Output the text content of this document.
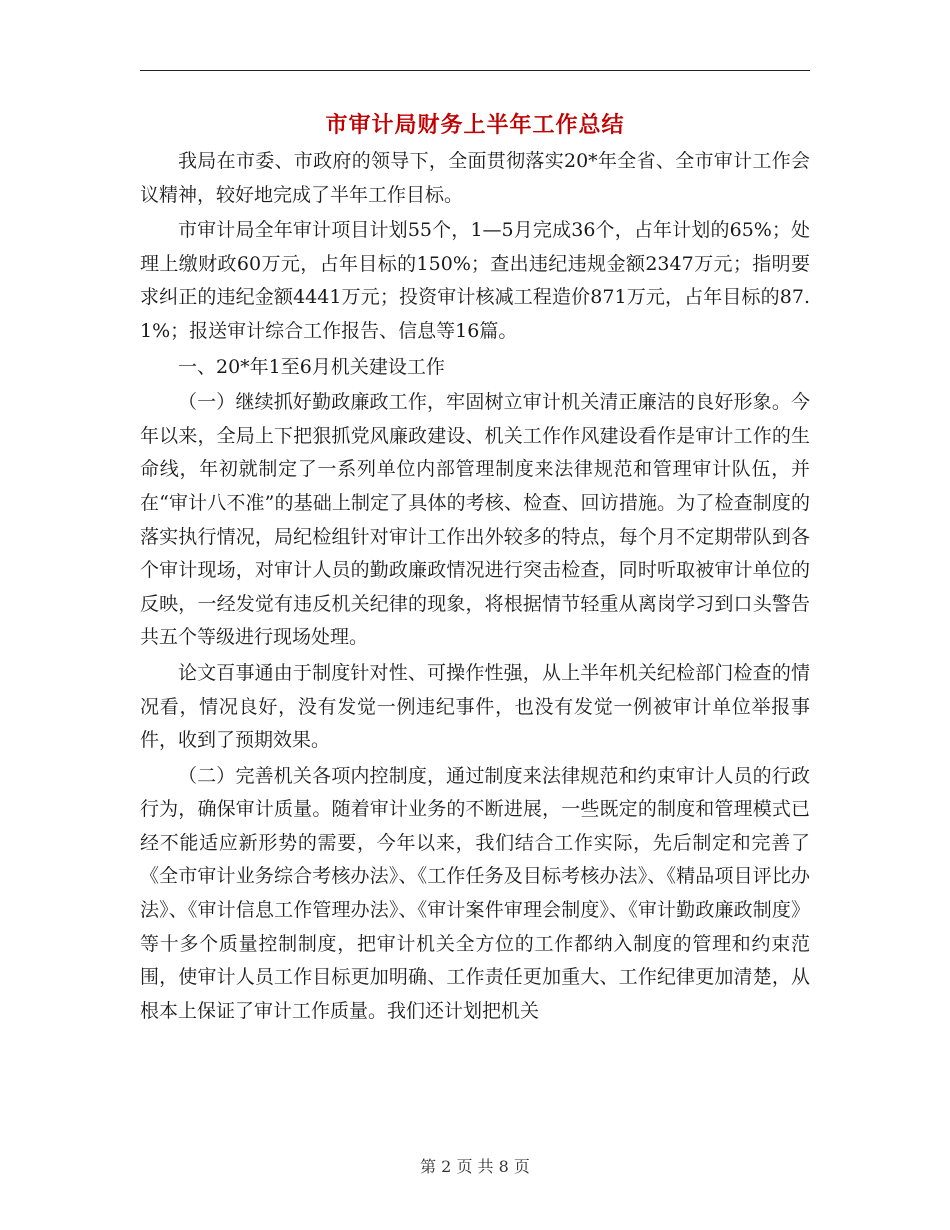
市审计局财务上半年工作总结

我局在市委、市政府的领导下，全面贯彻落实20*年全省、全市审计工作会议精神，较好地完成了半年工作目标。

市审计局全年审计项目计划55个，1—5月完成36个，占年计划的65%；处理上缴财政60万元，占年目标的150%；查出违纪违规金额2347万元；指明要求纠正的违纪金额4441万元；投资审计核减工程造价871万元，占年目标的87.1%；报送审计综合工作报告、信息等16篇。

一、20*年1至6月机关建设工作

（一）继续抓好勤政廉政工作，牢固树立审计机关清正廉洁的良好形象。今年以来，全局上下把狠抓党风廉政建设、机关工作作风建设看作是审计工作的生命线，年初就制定了一系列单位内部管理制度来法律规范和管理审计队伍，并在“审计八不准”的基础上制定了具体的考核、检查、回访措施。为了检查制度的落实执行情况，局纪检组针对审计工作出外较多的特点，每个月不定期带队到各个审计现场，对审计人员的勤政廉政情况进行突击检查，同时听取被审计单位的反映，一经发觉有违反机关纪律的现象，将根据情节轻重从离岗学习到口头警告共五个等级进行现场处理。

论文百事通由于制度针对性、可操作性强，从上半年机关纪检部门检查的情况看，情况良好，没有发觉一例违纪事件，也没有发觉一例被审计单位举报事件，收到了预期效果。

（二）完善机关各项内控制度，通过制度来法律规范和约束审计人员的行政行为，确保审计质量。随着审计业务的不断进展，一些既定的制度和管理模式已经不能适应新形势的需要，今年以来，我们结合工作实际，先后制定和完善了《全市审计业务综合考核办法》、《工作任务及目标考核办法》、《精品项目评比办法》、《审计信息工作管理办法》、《审计案件审理会制度》、《审计勤政廉政制度》等十多个质量控制制度，把审计机关全方位的工作都纳入制度的管理和约束范围，使审计人员工作目标更加明确、工作责任更加重大、工作纪律更加清楚，从根本上保证了审计工作质量。我们还计划把机关

第 2 页 共 8 页
